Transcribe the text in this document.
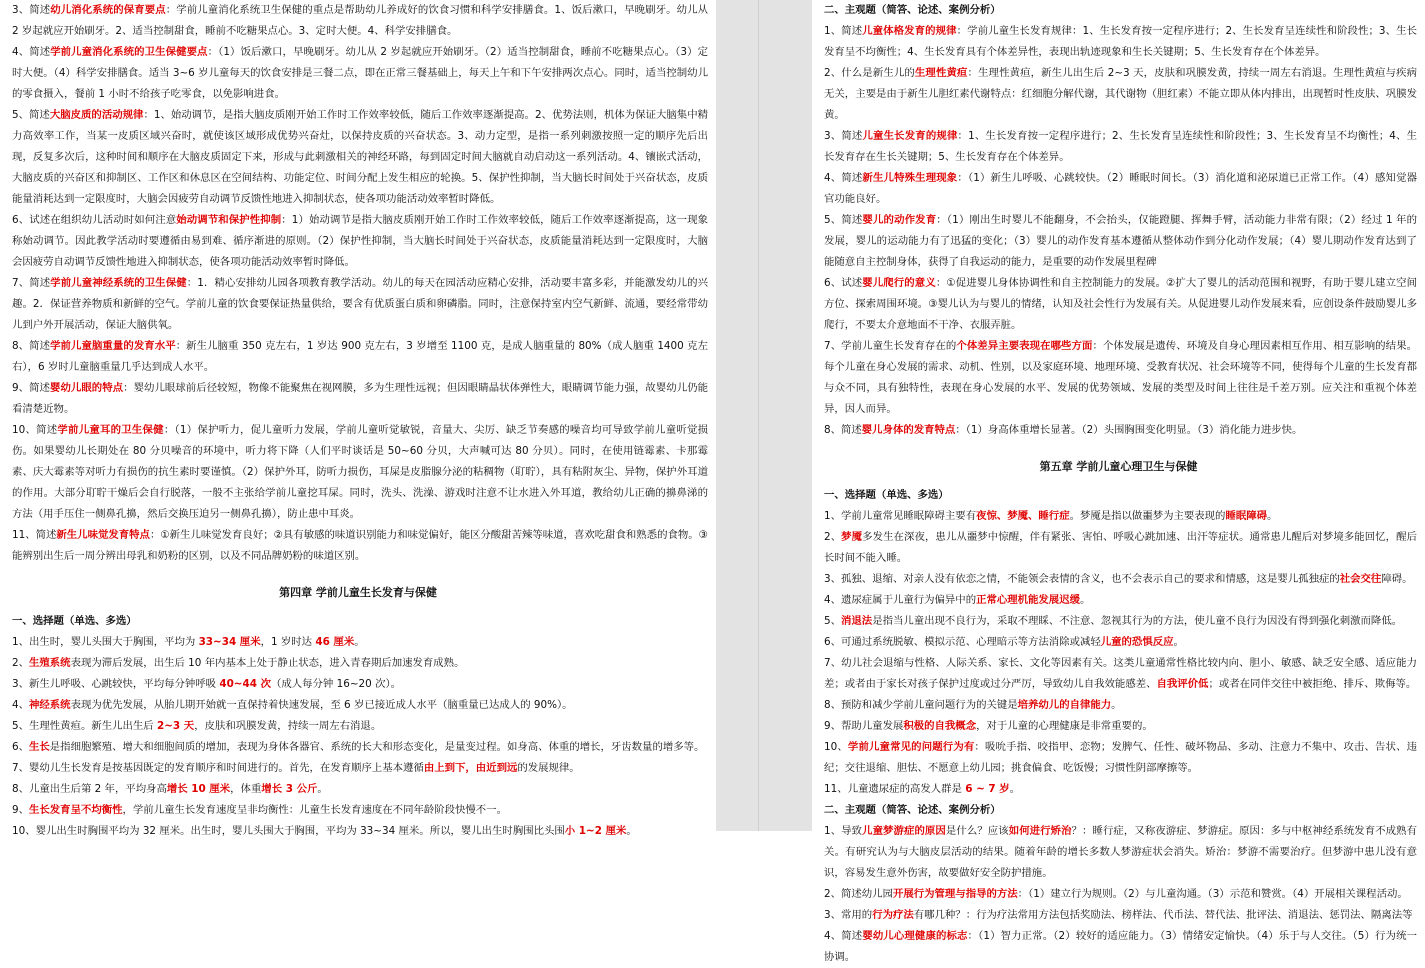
3、简述幼儿消化系统的保育要点：学前儿童消化系统卫生保健的重点是帮助幼儿养成好的饮食习惯和科学安排膳食。1、饭后漱口，早晚刷牙。幼儿从 2 岁起就应开始刷牙。2、适当控制甜食，睡前不吃糖果点心。3、定时大便。4、科学安排膳食。
4、简述学前儿童消化系统的卫生保健要点：（1）饭后漱口，早晚刷牙。幼儿从 2 岁起就应开始刷牙。（2）适当控制甜食，睡前不吃糖果点心。（3）定时大便。（4）科学安排膳食。适当 3~6 岁儿童每天的饮食安排是三餐二点，即在正常三餐基础上，每天上午和下午安排两次点心。同时，适当控制幼儿的零食摄入，餐前 1 小时不给孩子吃零食，以免影响进食。
5、简述大脑皮质的活动规律：1、始动调节，是指大脑皮质刚开始工作时工作效率较低，随后工作效率逐渐提高。2、优势法则，机体为保证大脑集中精力高效率工作，当某一皮质区域兴奋时，就使该区域形成优势兴奋灶，以保持皮质的兴奋状态。3、动力定型，是指一系列刺激按照一定的顺序先后出现，反复多次后，这种时间和顺序在大脑皮质固定下来，形成与此刺激相关的神经环路，每到固定时间大脑就自动启动这一系列活动。4、镶嵌式活动，大脑皮质的兴奋区和抑制区、工作区和休息区在空间结构、功能定位、时间分配上发生相应的轮换。5、保护性抑制，当大脑长时间处于兴奋状态，皮质能量消耗达到一定限度时，大脑会因疲劳自动调节反馈性地进入抑制状态，使各项功能活动效率暂时降低。
6、试述在组织幼儿活动时如何注意始动调节和保护性抑制：1）始动调节是指大脑皮质刚开始工作时工作效率较低，随后工作效率逐渐提高，这一现象称始动调节。因此教学活动时要遵循由易到难、循序渐进的原则。（2）保护性抑制，当大脑长时间处于兴奋状态，皮质能量消耗达到一定限度时，大脑会因疲劳自动调节反馈性地进入抑制状态，使各项功能活动效率暂时降低。
7、简述学前儿童神经系统的卫生保健：1．精心安排幼儿园各项教育教学活动。幼儿的每天在园活动应精心安排，活动要丰富多彩，并能激发幼儿的兴趣。2．保证营养物质和新鲜的空气。学前儿童的饮食要保证热量供给，要含有优质蛋白质和卵磷脂。同时，注意保持室内空气新鲜、流通，要经常带幼儿到户外开展活动，保证大脑供氧。
8、简述学前儿童脑重量的发育水平：新生儿脑重 350 克左右，1 岁达 900 克左右，3 岁增至 1100 克，是成人脑重量的 80%（成人脑重 1400 克左右），6 岁时儿童脑重量几乎达到成人水平。
9、简述婴幼儿眼的特点：婴幼儿眼球前后径较短，物像不能聚焦在视网膜，多为生理性远视；但因眼睛晶状体弹性大，眼睛调节能力强，故婴幼儿仍能看清楚近物。
10、简述学前儿童耳的卫生保健：（1）保护听力，促儿童听力发展，学前儿童听觉敏锐，音量大、尖厉、缺乏节奏感的噪音均可导致学前儿童听觉损伤。如果婴幼儿长期处在 80 分贝噪音的环境中，听力将下降（人们平时谈话是 50~60 分贝，大声喊可达 80 分贝）。同时，在使用链霉素、卡那霉素、庆大霉素等对听力有损伤的抗生素时要谨慎。（2）保护外耳，防听力损伤，耳屎是皮脂腺分泌的粘稠物（耵聍），具有粘附灰尘、异物，保护外耳道的作用。大部分耵聍干燥后会自行脱落，一般不主张给学前儿童挖耳屎。同时，洗头、洗澡、游戏时注意不让水进入外耳道，教给幼儿正确的擤鼻涕的方法（用手压住一侧鼻孔擤，然后交换压迫另一侧鼻孔擤），防止患中耳炎。
11、简述新生儿味觉发育特点：①新生儿味觉发育良好；②具有敏感的味道识别能力和味觉偏好，能区分酸甜苦辣等味道，喜欢吃甜食和熟悉的食物。③能辨别出生后一周分辨出母乳和奶粉的区别，以及不同品牌奶粉的味道区别。
第四章 学前儿童生长发育与保健
一、选择题（单选、多选）
1、出生时，婴儿头围大于胸围，平均为 33~34 厘米，1 岁时达 46 厘米。
2、生殖系统表现为滞后发展，出生后 10 年内基本上处于静止状态，进入青春期后加速发育成熟。
3、新生儿呼吸、心跳较快，平均每分钟呼吸 40~44 次（成人每分钟 16~20 次）。
4、神经系统表现为优先发展，从胎儿期开始就一直保持着快速发展，至 6 岁已接近成人水平（脑重量已达成人的 90%）。
5、生理性黄疸。新生儿出生后 2~3 天，皮肤和巩膜发黄，持续一周左右消退。
6、生长是指细胞繁殖、增大和细胞间质的增加，表现为身体各器官、系统的长大和形态变化，是量变过程。如身高、体重的增长，牙齿数量的增多等。
7、婴幼儿生长发育是按基因既定的发育顺序和时间进行的。首先，在发育顺序上基本遵循由上到下，由近到远的发展规律。
8、儿童出生后第 2 年，平均身高增长 10 厘米，体重增长 3 公斤。
9、生长发育呈不均衡性，学前儿童生长发育速度呈非均衡性：儿童生长发育速度在不同年龄阶段快慢不一。
10、婴儿出生时胸围平均为 32 厘米。出生时，婴儿头围大于胸围，平均为 33~34 厘米。所以，婴儿出生时胸围比头围小 1~2 厘米。
二、主观题（简答、论述、案例分析）
1、简述儿童体格发育的规律：学前儿童生长发育规律：1、生长发育按一定程序进行；2、生长发育呈连续性和阶段性；3、生长发育呈不均衡性；4、生长发育具有个体差异性，表现出轨迹现象和生长关键期；5、生长发育存在个体差异。
2、什么是新生儿的生理性黄疸：生理性黄疸，新生儿出生后 2~3 天，皮肤和巩膜发黄，持续一周左右消退。生理性黄疸与疾病无关，主要是由于新生儿胆红素代谢特点：红细胞分解代谢，其代谢物（胆红素）不能立即从体内排出，出现暂时性皮肤、巩膜发黄。
3、简述儿童生长发育的规律：1、生长发育按一定程序进行；2、生长发育呈连续性和阶段性；3、生长发育呈不均衡性；4、生长发育存在生长关键期；5、生长发育存在个体差异。
4、简述新生儿特殊生理现象：（1）新生儿呼吸、心跳较快。（2）睡眠时间长。（3）消化道和泌尿道已正常工作。（4）感知觉器官功能良好。
5、简述婴儿的动作发育：（1）刚出生时婴儿不能翻身，不会抬头，仅能蹬腿、挥舞手臂，活动能力非常有限；（2）经过 1 年的发展，婴儿的运动能力有了迅猛的变化；（3）婴儿的动作发育基本遵循从整体动作到分化动作发展；（4）婴儿期动作发育达到了能随意自主控制身体，获得了自我运动的能力，是重要的动作发展里程碑
6、试述婴儿爬行的意义：①促进婴儿身体协调性和自主控制能力的发展。②扩大了婴儿的活动范围和视野，有助于婴儿建立空间方位、探索周围环境。③婴儿认为与婴儿的情绪，认知及社会性行为发展有关。从促进婴儿动作发展来看，应创设条件鼓励婴儿多爬行，不要太介意地面不干净、衣服弄脏。
7、学前儿童生长发育存在的个体差异主要表现在哪些方面：个体发展是遗传、环境及自身心理因素相互作用、相互影响的结果。每个儿童在身心发展的需求、动机、性别，以及家庭环境、地理环境、受教育状况、社会环境等不同，使得每个儿童的生长发育都与众不同，具有独特性，表现在身心发展的水平、发展的优势领域、发展的类型及时间上往往是千差万别。应关注和重视个体差异，因人而异。
8、简述婴儿身体的发育特点：（1）身高体重增长显著。（2）头围胸围变化明显。（3）消化能力进步快。
第五章 学前儿童心理卫生与保健
一、选择题（单选、多选）
1、学前儿童常见睡眠障碍主要有夜惊、梦魇、睡行症。梦魇是指以做噩梦为主要表现的睡眠障碍。
2、梦魇多发生在深夜，患儿从噩梦中惊醒，伴有紧张、害怕、呼吸心跳加速、出汗等症状。通常患儿醒后对梦境多能回忆，醒后长时间不能入睡。
3、孤独、退缩、对亲人没有依恋之情，不能领会表情的含义，也不会表示自己的要求和情感，这是婴儿孤独症的社会交往障碍。
4、遗尿症属于儿童行为偏异中的正常心理机能发展迟缓。
5、消退法是指当儿童出现不良行为，采取不理睬、不注意、忽视其行为的方法，使儿童不良行为因没有得到强化刺激而降低。
6、可通过系统脱敏、模拟示范、心理暗示等方法消除或减轻儿童的恐惧反应。
7、幼儿社会退缩与性格、人际关系、家长、文化等因素有关。这类儿童通常性格比较内向、胆小、敏感、缺乏安全感、适应能力差；或者由于家长对孩子保护过度或过分严厉，导致幼儿自我效能感差、自我评价低；或者在同伴交往中被拒绝、排斥、欺侮等。
8、预防和减少学前儿童问题行为的关键是培养幼儿的自律能力。
9、帮助儿童发展积极的自我概念，对于儿童的心理健康是非常重要的。
10、学前儿童常见的问题行为有：吸吮手指、咬指甲、恋物；发脾气、任性、破坏物品、多动、注意力不集中、攻击、告状、违纪；交往退缩、胆怯、不愿意上幼儿园；挑食偏食、吃饭慢；习惯性阴部摩擦等。
11、儿童遗尿症的高发人群是 6 ~ 7 岁。
二、主观题（简答、论述、案例分析）
1、导致儿童梦游症的原因是什么？应该如何进行矫治？：睡行症，又称夜游症、梦游症。原因：多与中枢神经系统发育不成熟有关。有研究认为与大脑皮层活动的结果。随着年龄的增长多数人梦游症状会消失。矫治：梦游不需要治疗。但梦游中患儿没有意识，容易发生意外伤害，故要做好安全防护措施。
2、简述幼儿园开展行为管理与指导的方法：（1）建立行为规则。（2）与儿童沟通。（3）示范和赞赏。（4）开展相关课程活动。
3、常用的行为疗法有哪几种？：行为疗法常用方法包括奖励法、榜样法、代币法、替代法、批评法、消退法、惩罚法、隔离法等
4、简述婴幼儿心理健康的标志：（1）智力正常。（2）较好的适应能力。（3）情绪安定愉快。（4）乐于与人交往。（5）行为统一协调。
